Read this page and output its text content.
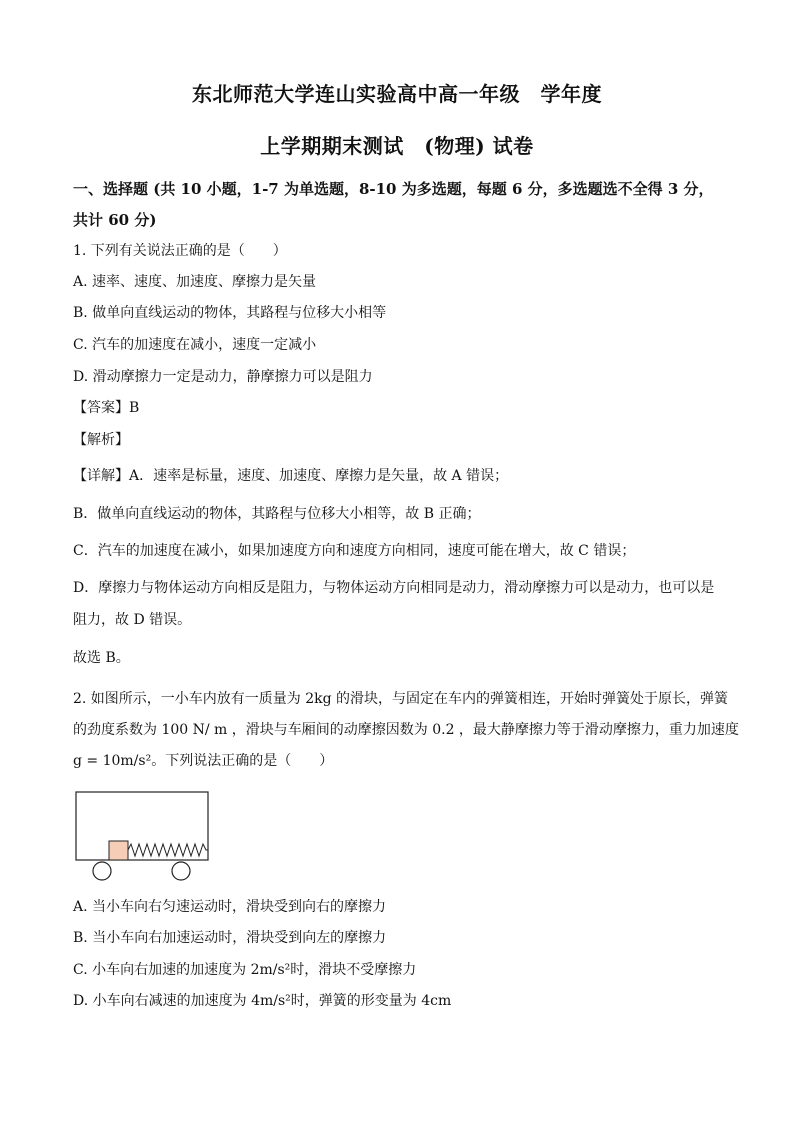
东北师范大学连山实验高中高一年级　学年度
上学期期末测试　(物理) 试卷
一、选择题 (共 10 小题，1-7 为单选题，8-10 为多选题，每题 6 分，多选题选不全得 3 分，
共计 60 分)
1. 下列有关说法正确的是（　　）
A. 速率、速度、加速度、摩擦力是矢量
B. 做单向直线运动的物体，其路程与位移大小相等
C. 汽车的加速度在减小，速度一定减小
D. 滑动摩擦力一定是动力，静摩擦力可以是阻力
【答案】B
【解析】
【详解】A．速率是标量，速度、加速度、摩擦力是矢量，故 A 错误；
B．做单向直线运动的物体，其路程与位移大小相等，故 B 正确；
C．汽车的加速度在减小，如果加速度方向和速度方向相同，速度可能在增大，故 C 错误；
D．摩擦力与物体运动方向相反是阻力，与物体运动方向相同是动力，滑动摩擦力可以是动力，也可以是
阻力，故 D 错误。
故选 B。
2. 如图所示，一小车内放有一质量为 2kg 的滑块，与固定在车内的弹簧相连，开始时弹簧处于原长，弹簧
的劲度系数为 100 N/ m ，滑块与车厢间的动摩擦因数为 0.2 ，最大静摩擦力等于滑动摩擦力，重力加速度
g = 10m/s²。下列说法正确的是（　　）
A. 当小车向右匀速运动时，滑块受到向右的摩擦力
B. 当小车向右加速运动时，滑块受到向左的摩擦力
C. 小车向右加速的加速度为 2m/s²时，滑块不受摩擦力
D. 小车向右减速的加速度为 4m/s²时，弹簧的形变量为 4cm
